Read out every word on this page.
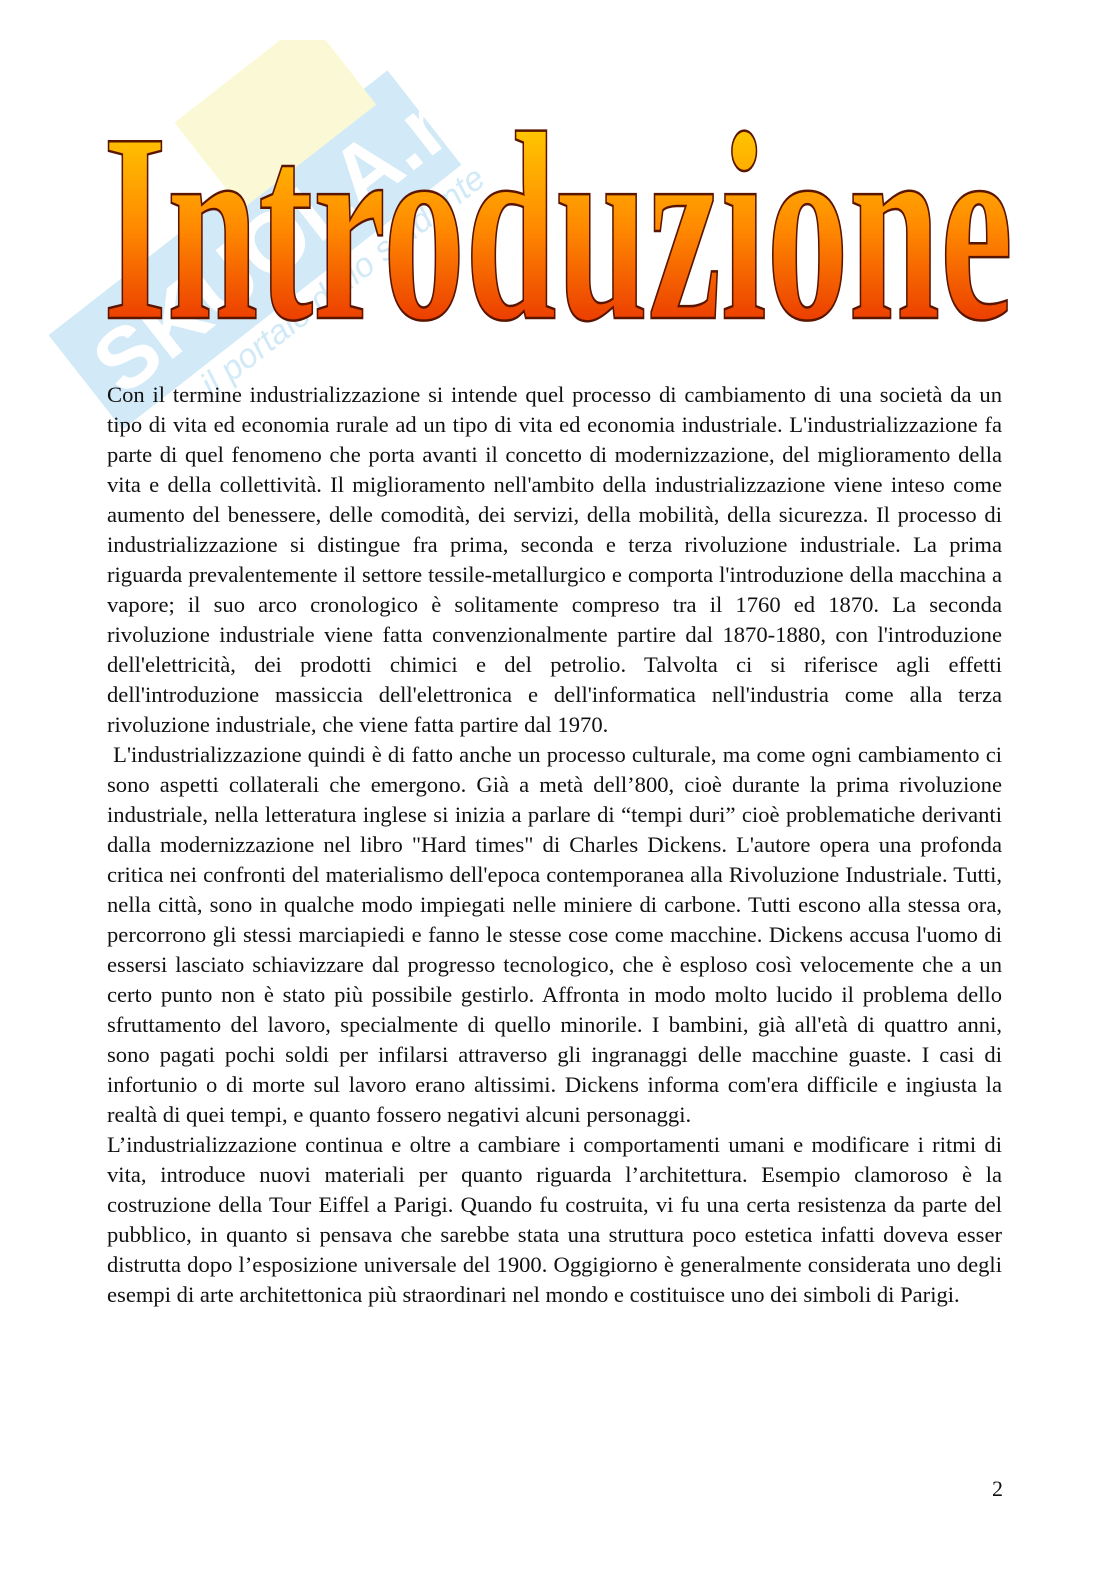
SKUOLA.net
il portale dello studente
Introduzione

Con il termine industrializzazione si intende quel processo di cambiamento di una società da un tipo di vita ed economia rurale ad un tipo di vita ed economia industriale. L'industrializzazione fa parte di quel fenomeno che porta avanti il concetto di modernizzazione, del miglioramento della vita e della collettività. Il miglioramento nell'ambito della industrializzazione viene inteso come aumento del benessere, delle comodità, dei servizi, della mobilità, della sicurezza. Il processo di industrializzazione si distingue fra prima, seconda e terza rivoluzione industriale. La prima riguarda prevalentemente il settore tessile-metallurgico e comporta l'introduzione della macchina a vapore; il suo arco cronologico è solitamente compreso tra il 1760 ed 1870. La seconda rivoluzione industriale viene fatta convenzionalmente partire dal 1870-1880, con l'introduzione dell'elettricità, dei prodotti chimici e del petrolio. Talvolta ci si riferisce agli effetti dell'introduzione massiccia dell'elettronica e dell'informatica nell'industria come alla terza rivoluzione industriale, che viene fatta partire dal 1970.

L'industrializzazione quindi è di fatto anche un processo culturale, ma come ogni cambiamento ci sono aspetti collaterali che emergono. Già a metà dell’800, cioè durante la prima rivoluzione industriale, nella letteratura inglese si inizia a parlare di “tempi duri” cioè problematiche derivanti dalla modernizzazione nel libro "Hard times" di Charles Dickens. L'autore opera una profonda critica nei confronti del materialismo dell'epoca contemporanea alla Rivoluzione Industriale. Tutti, nella città, sono in qualche modo impiegati nelle miniere di carbone. Tutti escono alla stessa ora, percorrono gli stessi marciapiedi e fanno le stesse cose come macchine. Dickens accusa l'uomo di essersi lasciato schiavizzare dal progresso tecnologico, che è esploso così velocemente che a un certo punto non è stato più possibile gestirlo. Affronta in modo molto lucido il problema dello sfruttamento del lavoro, specialmente di quello minorile. I bambini, già all'età di quattro anni, sono pagati pochi soldi per infilarsi attraverso gli ingranaggi delle macchine guaste. I casi di infortunio o di morte sul lavoro erano altissimi. Dickens informa com'era difficile e ingiusta la realtà di quei tempi, e quanto fossero negativi alcuni personaggi.

L’industrializzazione continua e oltre a cambiare i comportamenti umani e modificare i ritmi di vita, introduce nuovi materiali per quanto riguarda l’architettura. Esempio clamoroso è la costruzione della Tour Eiffel a Parigi. Quando fu costruita, vi fu una certa resistenza da parte del pubblico, in quanto si pensava che sarebbe stata una struttura poco estetica infatti doveva esser distrutta dopo l’esposizione universale del 1900. Oggigiorno è generalmente considerata uno degli esempi di arte architettonica più straordinari nel mondo e costituisce uno dei simboli di Parigi.

2
